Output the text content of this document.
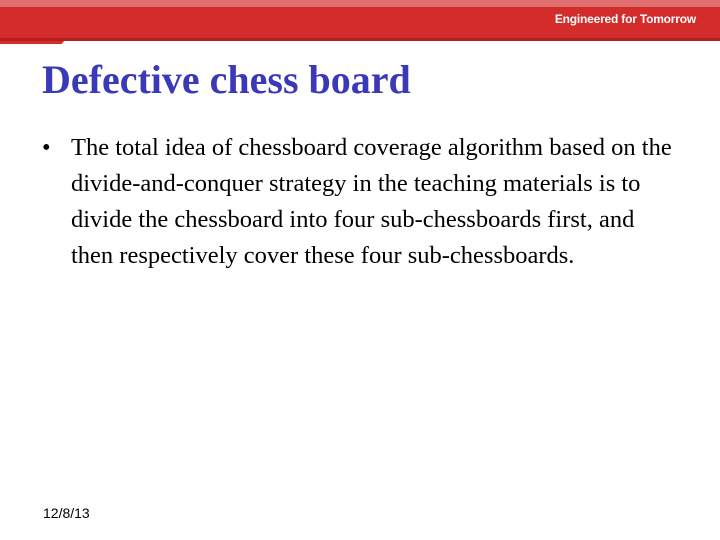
Engineered for Tomorrow
Defective chess board
• The total idea of chessboard coverage algorithm based on the divide-and-conquer strategy in the teaching materials is to divide the chessboard into four sub-chessboards first, and then respectively cover these four sub-chessboards.
12/8/13
